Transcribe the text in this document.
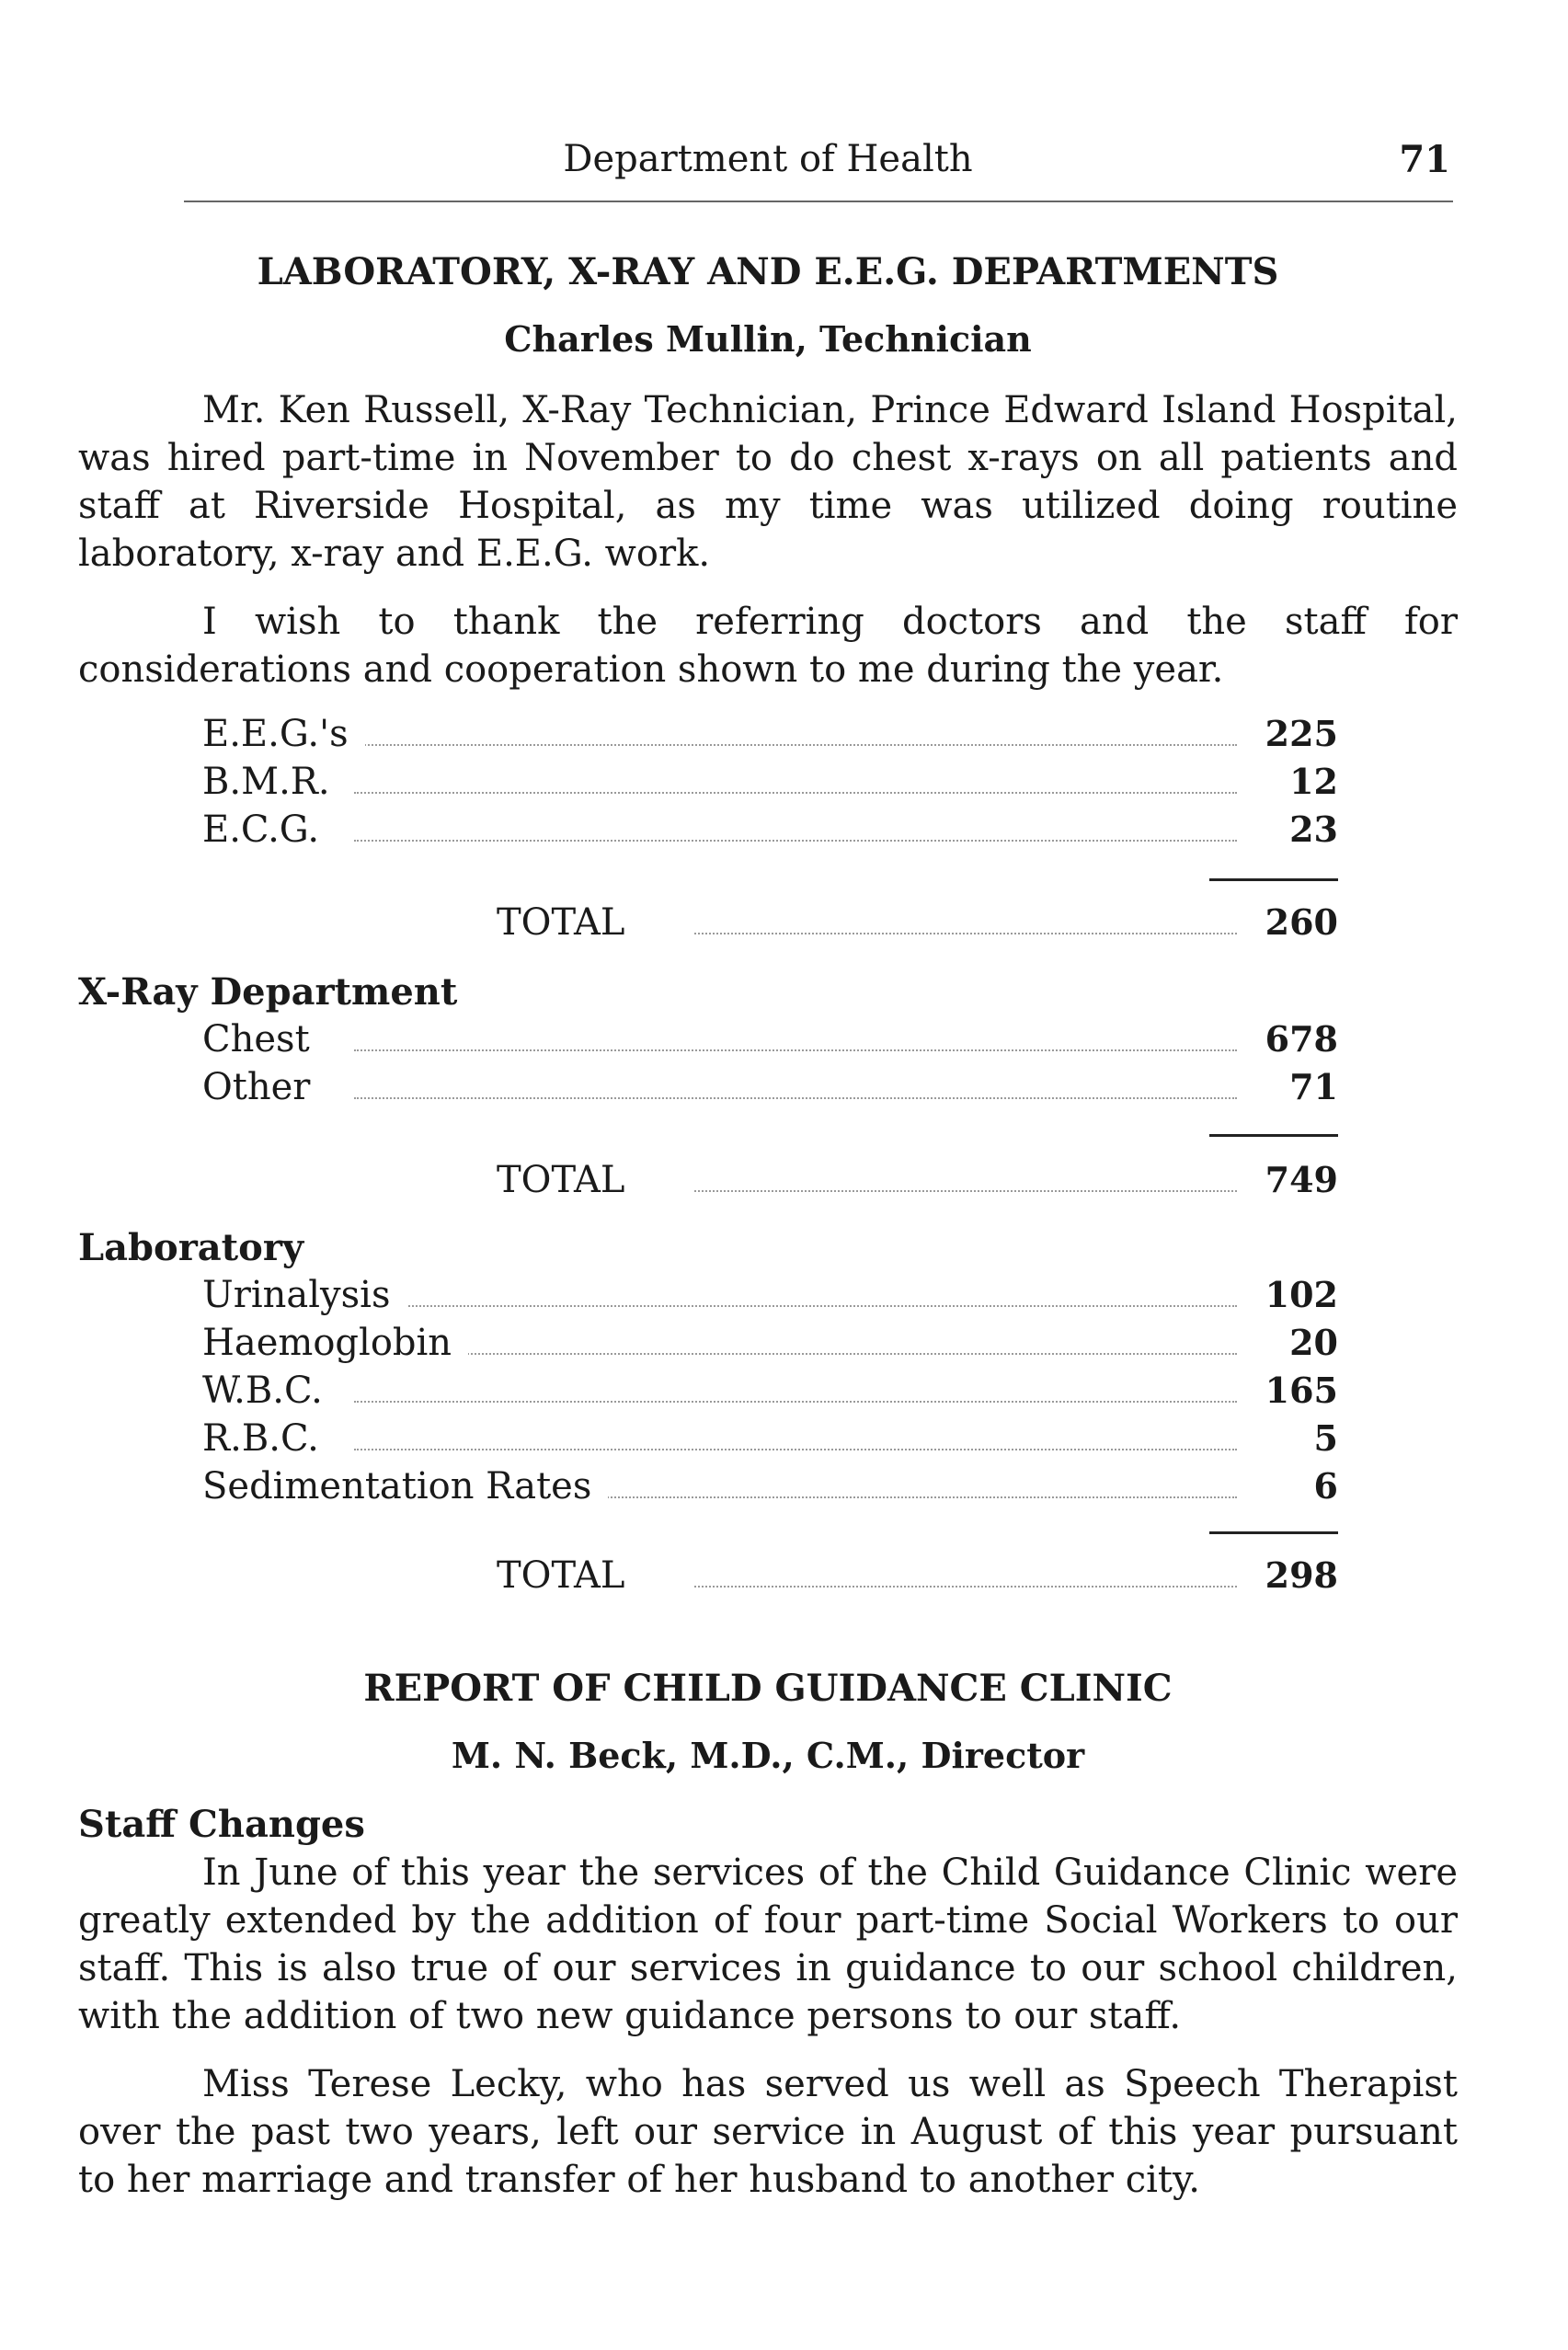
Department of Health	71
LABORATORY, X-RAY AND E.E.G. DEPARTMENTS
Charles Mullin, Technician

Mr. Ken Russell, X-Ray Technician, Prince Edward Island Hospital, was hired part-time in November to do chest x-rays on all patients and staff at Riverside Hospital, as my time was utilized doing routine laboratory, x-ray and E.E.G. work.

I wish to thank the referring doctors and the staff for considerations and cooperation shown to me during the year.

E.E.G.'s	225
B.M.R.	12
E.C.G.	23
TOTAL	260
X-Ray Department
Chest	678
Other	71
TOTAL	749
Laboratory
Urinalysis	102
Haemoglobin	20
W.B.C.	165
R.B.C.	5
Sedimentation Rates	6
TOTAL	298
REPORT OF CHILD GUIDANCE CLINIC
M. N. Beck, M.D., C.M., Director
Staff Changes

In June of this year the services of the Child Guidance Clinic were greatly extended by the addition of four part-time Social Workers to our staff. This is also true of our services in guidance to our school children, with the addition of two new guidance persons to our staff.

Miss Terese Lecky, who has served us well as Speech Therapist over the past two years, left our service in August of this year pursuant to her marriage and transfer of her husband to another city.
